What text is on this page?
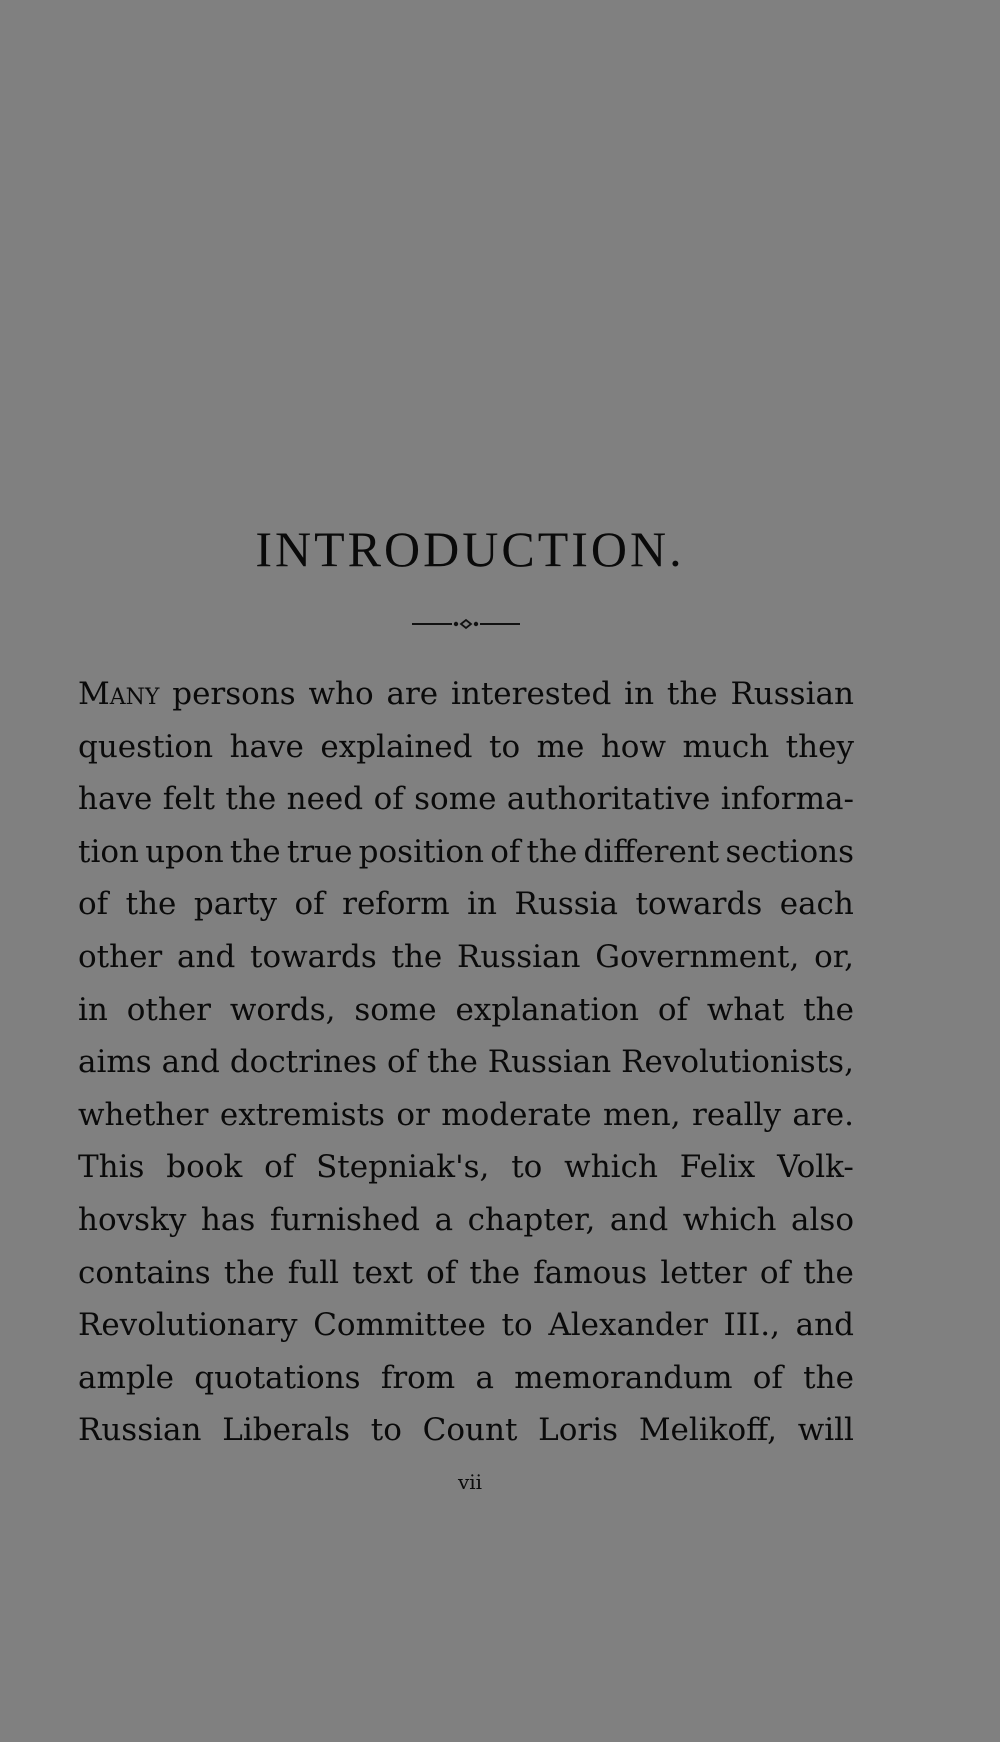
INTRODUCTION.
Many persons who are interested in the Russian
question have explained to me how much they
have felt the need of some authoritative informa-
tion upon the true position of the different sections
of the party of reform in Russia towards each
other and towards the Russian Government, or,
in other words, some explanation of what the
aims and doctrines of the Russian Revolutionists,
whether extremists or moderate men, really are.
This book of Stepniak's, to which Felix Volk-
hovsky has furnished a chapter, and which also
contains the full text of the famous letter of the
Revolutionary Committee to Alexander III., and
ample quotations from a memorandum of the
Russian Liberals to Count Loris Melikoff, will
vii
